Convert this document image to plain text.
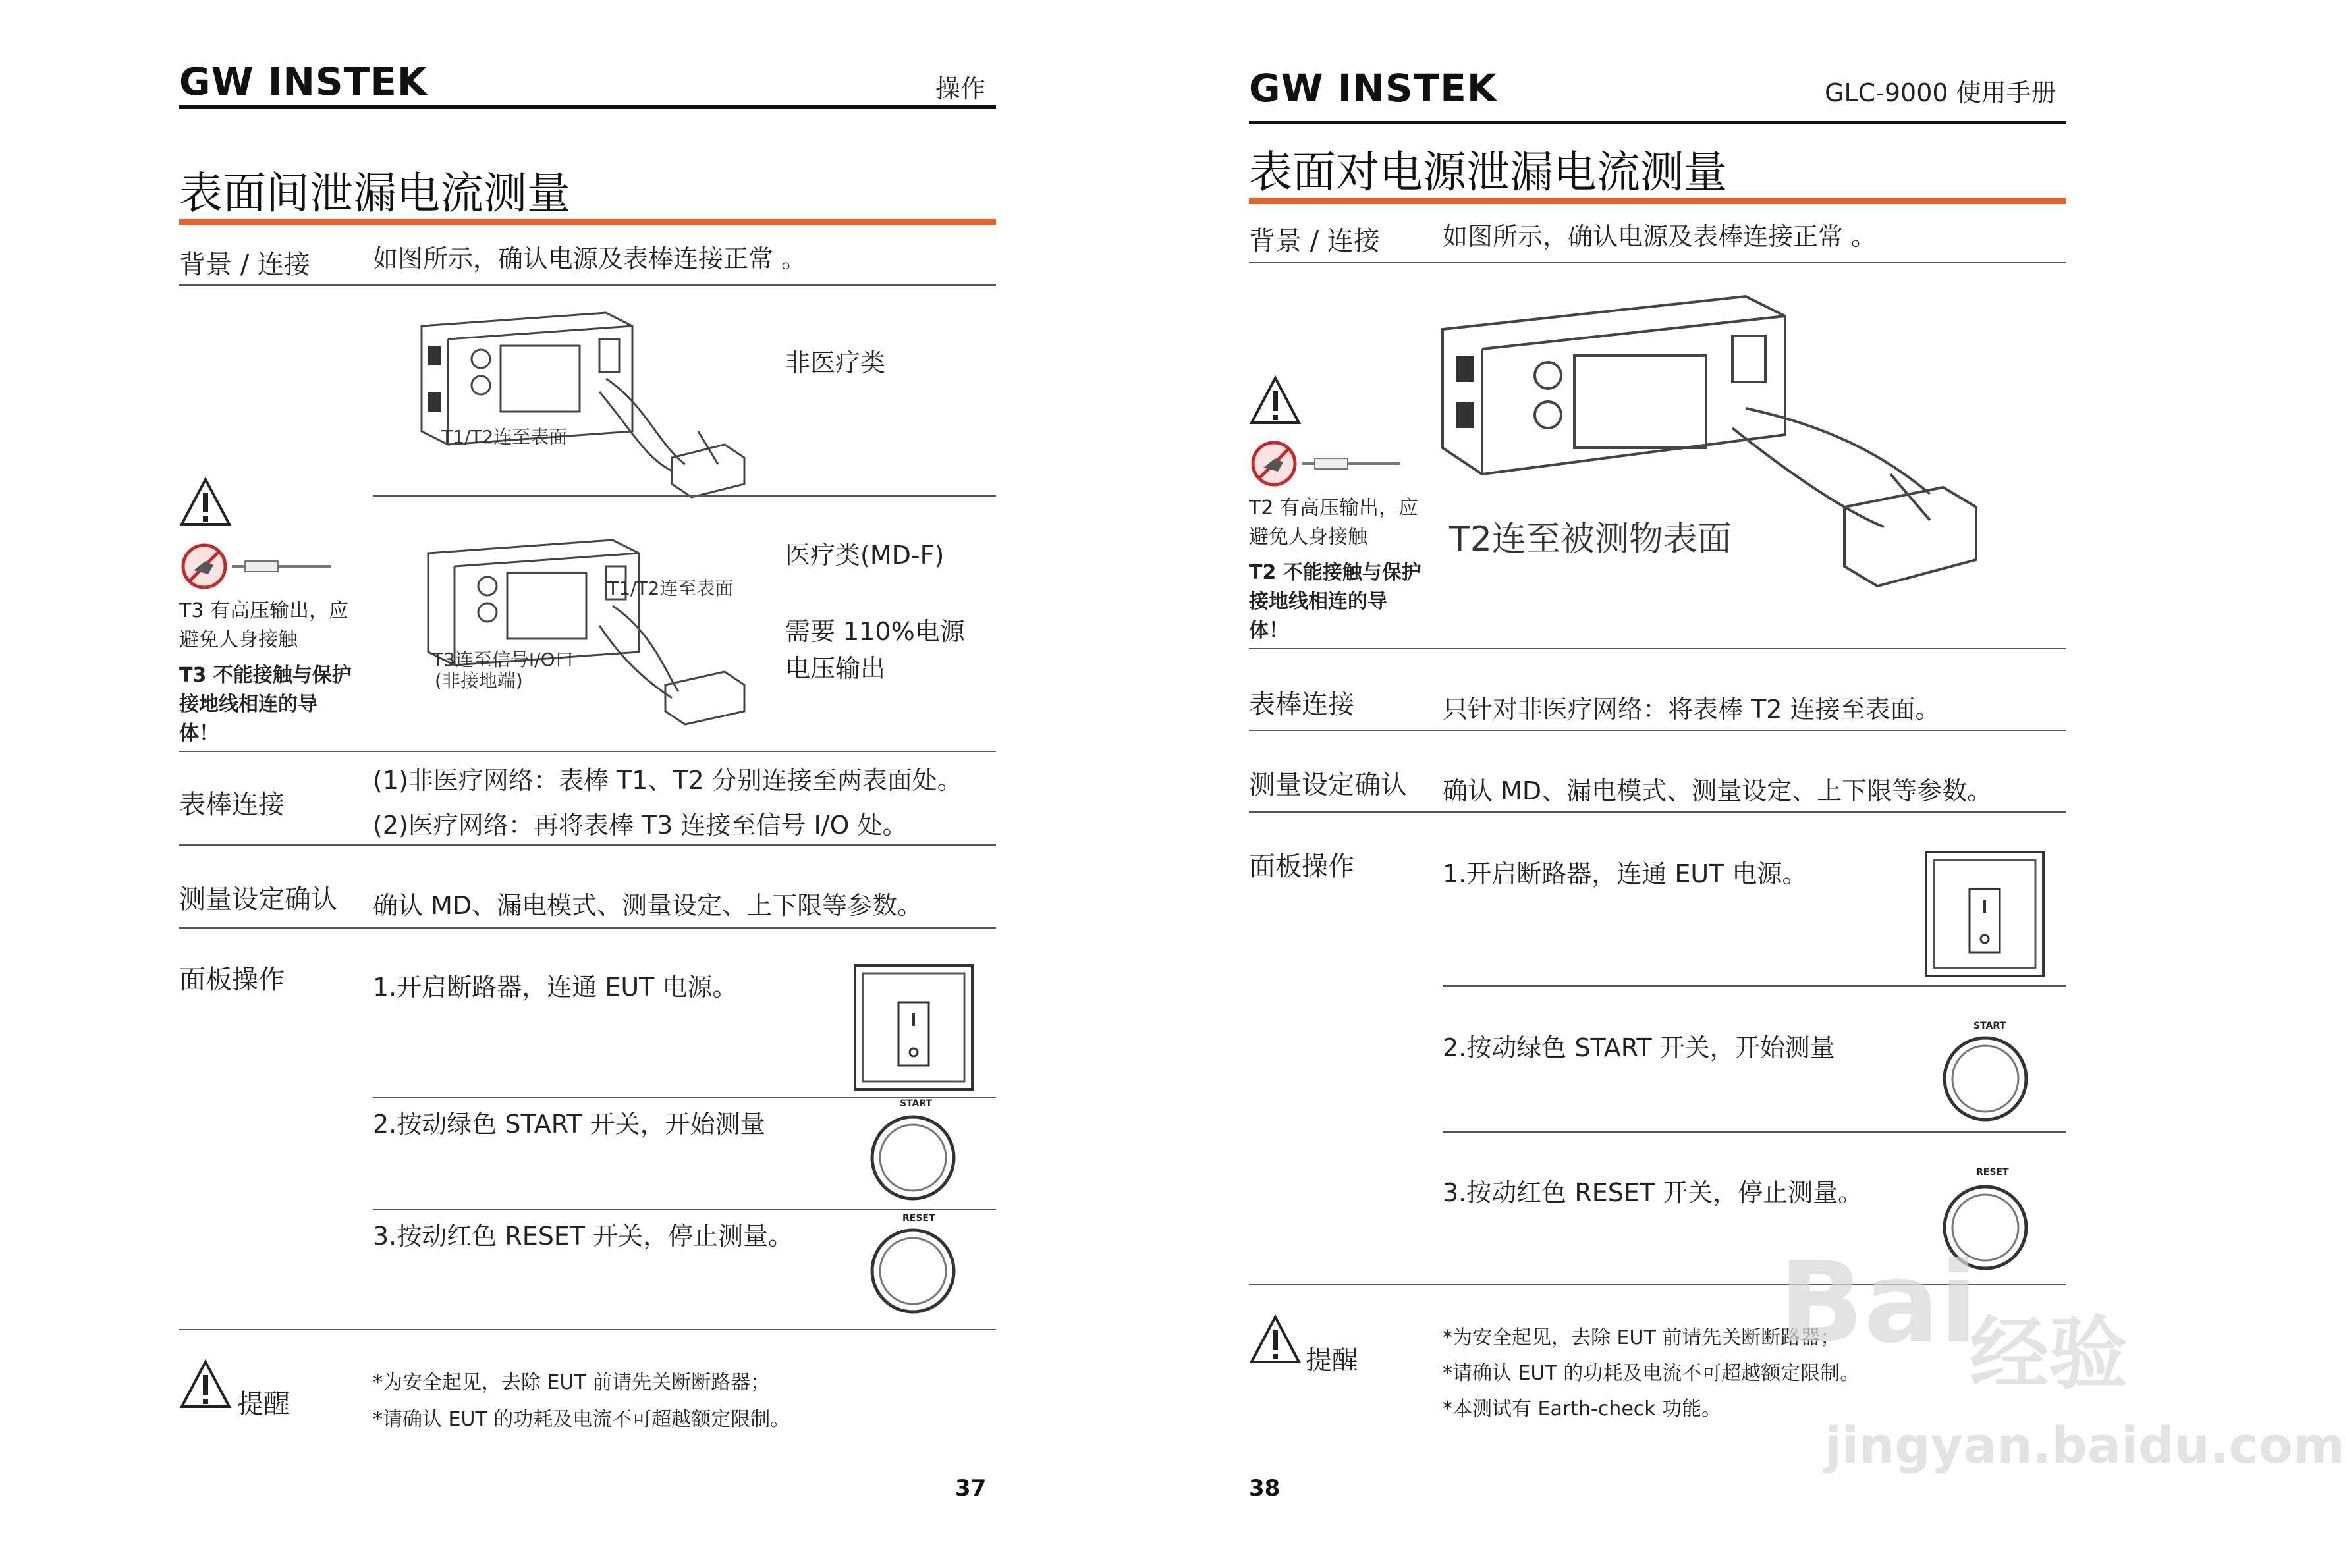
GW INSTEK	操作
表面间泄漏电流测量
背景 / 连接	如图所示，确认电源及表棒连接正常 。
T1/T2连至表面
非医疗类
T1/T2连至表面
T3连至信号I/O口
(非接地端)
医疗类(MD-F)
需要 110%电源
电压输出
T3 有高压输出，应
避免人身接触
T3 不能接触与保护
接地线相连的导
体！
表棒连接
(1)非医疗网络：表棒 T1、T2 分别连接至两表面处。
(2)医疗网络：再将表棒 T3 连接至信号 I/O 处。
测量设定确认 确认 MD、漏电模式、测量设定、上下限等参数。
面板操作	1.开启断路器，连通 EUT 电源。
2.按动绿色 START 开关，开始测量
START
3.按动红色 RESET 开关，停止测量。
RESET
提醒
*为安全起见，去除 EUT 前请先关断断路器；
*请确认 EUT 的功耗及电流不可超越额定限制。
37
GW INSTEK	GLC-9000 使用手册
表面对电源泄漏电流测量
背景 / 连接	如图所示，确认电源及表棒连接正常 。
T2连至被测物表面
T2 有高压输出，应
避免人身接触
T2 不能接触与保护
接地线相连的导
体！
表棒连接	只针对非医疗网络：将表棒 T2 连接至表面。
测量设定确认 确认 MD、漏电模式、测量设定、上下限等参数。
面板操作	1.开启断路器，连通 EUT 电源。
2.按动绿色 START 开关，开始测量
START
3.按动红色 RESET 开关，停止测量。
RESET
提醒
*为安全起见，去除 EUT 前请先关断断路器；
*请确认 EUT 的功耗及电流不可超越额定限制。
*本测试有 Earth-check 功能。
38
Bai
经验
jingyan.baidu.com
